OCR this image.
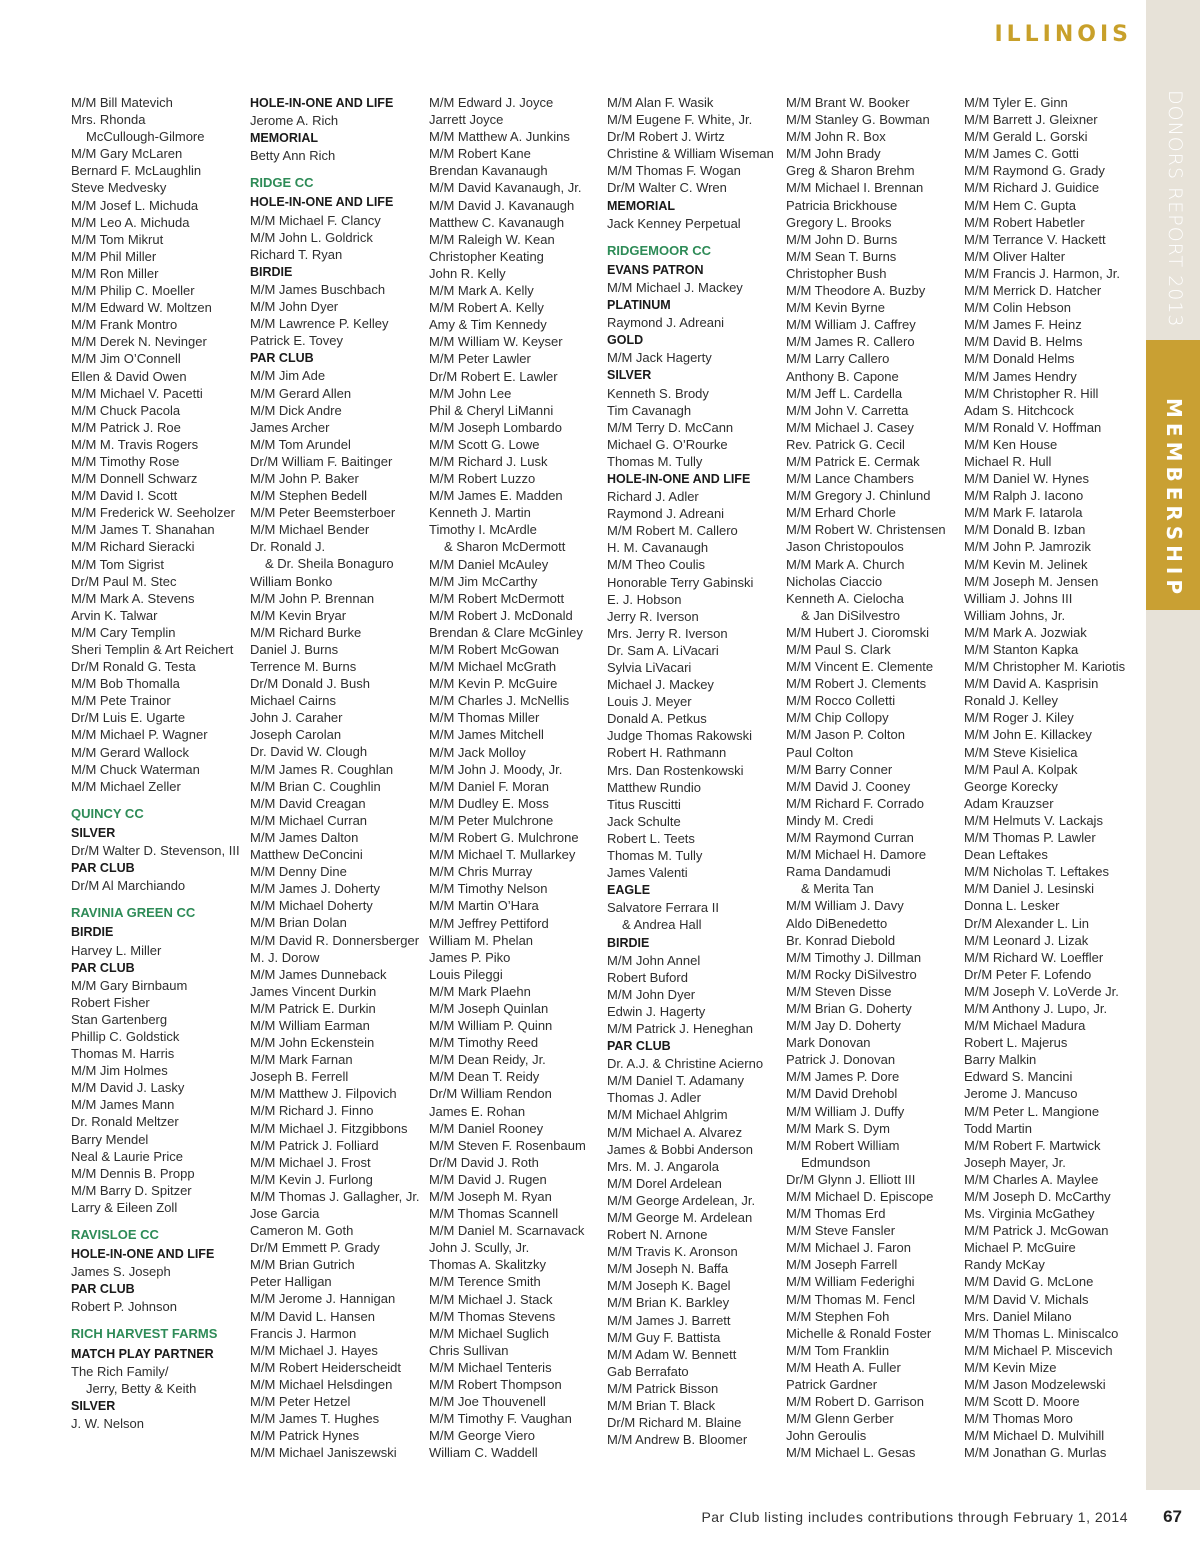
ILLINOIS
DONORS REPORT 2013
MEMBERSHIP
M/M Bill Matevich
Mrs. Rhonda
McCullough-Gilmore
M/M Gary McLaren
Bernard F. McLaughlin
Steve Medvesky
M/M Josef L. Michuda
M/M Leo A. Michuda
M/M Tom Mikrut
M/M Phil Miller
M/M Ron Miller
M/M Philip C. Moeller
M/M Edward W. Moltzen
M/M Frank Montro
M/M Derek N. Nevinger
M/M Jim O’Connell
Ellen & David Owen
M/M Michael V. Pacetti
M/M Chuck Pacola
M/M Patrick J. Roe
M/M M. Travis Rogers
M/M Timothy Rose
M/M Donnell Schwarz
M/M David I. Scott
M/M Frederick W. Seeholzer
M/M James T. Shanahan
M/M Richard Sieracki
M/M Tom Sigrist
Dr/M Paul M. Stec
M/M Mark A. Stevens
Arvin K. Talwar
M/M Cary Templin
Sheri Templin & Art Reichert
Dr/M Ronald G. Testa
M/M Bob Thomalla
M/M Pete Trainor
Dr/M Luis E. Ugarte
M/M Michael P. Wagner
M/M Gerard Wallock
M/M Chuck Waterman
M/M Michael Zeller
QUINCY CC
SILVER
Dr/M Walter D. Stevenson, III
PAR CLUB
Dr/M Al Marchiando
RAVINIA GREEN CC
BIRDIE
Harvey L. Miller
PAR CLUB
M/M Gary Birnbaum
Robert Fisher
Stan Gartenberg
Phillip C. Goldstick
Thomas M. Harris
M/M Jim Holmes
M/M David J. Lasky
M/M James Mann
Dr. Ronald Meltzer
Barry Mendel
Neal & Laurie Price
M/M Dennis B. Propp
M/M Barry D. Spitzer
Larry & Eileen Zoll
RAVISLOE CC
HOLE-IN-ONE AND LIFE
James S. Joseph
PAR CLUB
Robert P. Johnson
RICH HARVEST FARMS
MATCH PLAY PARTNER
The Rich Family/
Jerry, Betty & Keith
SILVER
J. W. Nelson
HOLE-IN-ONE AND LIFE
Jerome A. Rich
MEMORIAL
Betty Ann Rich
RIDGE CC
HOLE-IN-ONE AND LIFE
M/M Michael F. Clancy
M/M John L. Goldrick
Richard T. Ryan
BIRDIE
M/M James Buschbach
M/M John Dyer
M/M Lawrence P. Kelley
Patrick E. Tovey
PAR CLUB
M/M Jim Ade
M/M Gerard Allen
M/M Dick Andre
James Archer
M/M Tom Arundel
Dr/M William F. Baitinger
M/M John P. Baker
M/M Stephen Bedell
M/M Peter Beemsterboer
M/M Michael Bender
Dr. Ronald J.
& Dr. Sheila Bonaguro
William Bonko
M/M John P. Brennan
M/M Kevin Bryar
M/M Richard Burke
Daniel J. Burns
Terrence M. Burns
Dr/M Donald J. Bush
Michael Cairns
John J. Caraher
Joseph Carolan
Dr. David W. Clough
M/M James R. Coughlan
M/M Brian C. Coughlin
M/M David Creagan
M/M Michael Curran
M/M James Dalton
Matthew DeConcini
M/M Denny Dine
M/M James J. Doherty
M/M Michael Doherty
M/M Brian Dolan
M/M David R. Donnersberger
M. J. Dorow
M/M James Dunneback
James Vincent Durkin
M/M Patrick E. Durkin
M/M William Earman
M/M John Eckenstein
M/M Mark Farnan
Joseph B. Ferrell
M/M Matthew J. Filpovich
M/M Richard J. Finno
M/M Michael J. Fitzgibbons
M/M Patrick J. Folliard
M/M Michael J. Frost
M/M Kevin J. Furlong
M/M Thomas J. Gallagher, Jr.
Jose Garcia
Cameron M. Goth
Dr/M Emmett P. Grady
M/M Brian Gutrich
Peter Halligan
M/M Jerome J. Hannigan
M/M David L. Hansen
Francis J. Harmon
M/M Michael J. Hayes
M/M Robert Heiderscheidt
M/M Michael Helsdingen
M/M Peter Hetzel
M/M James T. Hughes
M/M Patrick Hynes
M/M Michael Janiszewski
M/M Edward J. Joyce
Jarrett Joyce
M/M Matthew A. Junkins
M/M Robert Kane
Brendan Kavanaugh
M/M David Kavanaugh, Jr.
M/M David J. Kavanaugh
Matthew C. Kavanaugh
M/M Raleigh W. Kean
Christopher Keating
John R. Kelly
M/M Mark A. Kelly
M/M Robert A. Kelly
Amy & Tim Kennedy
M/M William W. Keyser
M/M Peter Lawler
Dr/M Robert E. Lawler
M/M John Lee
Phil & Cheryl LiManni
M/M Joseph Lombardo
M/M Scott G. Lowe
M/M Richard J. Lusk
M/M Robert Luzzo
M/M James E. Madden
Kenneth J. Martin
Timothy I. McArdle
& Sharon McDermott
M/M Daniel McAuley
M/M Jim McCarthy
M/M Robert McDermott
M/M Robert J. McDonald
Brendan & Clare McGinley
M/M Robert McGowan
M/M Michael McGrath
M/M Kevin P. McGuire
M/M Charles J. McNellis
M/M Thomas Miller
M/M James Mitchell
M/M Jack Molloy
M/M John J. Moody, Jr.
M/M Daniel F. Moran
M/M Dudley E. Moss
M/M Peter Mulchrone
M/M Robert G. Mulchrone
M/M Michael T. Mullarkey
M/M Chris Murray
M/M Timothy Nelson
M/M Martin O’Hara
M/M Jeffrey Pettiford
William M. Phelan
James P. Piko
Louis Pileggi
M/M Mark Plaehn
M/M Joseph Quinlan
M/M William P. Quinn
M/M Timothy Reed
M/M Dean Reidy, Jr.
M/M Dean T. Reidy
Dr/M William Rendon
James E. Rohan
M/M Daniel Rooney
M/M Steven F. Rosenbaum
Dr/M David J. Roth
M/M David J. Rugen
M/M Joseph M. Ryan
M/M Thomas Scannell
M/M Daniel M. Scarnavack
John J. Scully, Jr.
Thomas A. Skalitzky
M/M Terence Smith
M/M Michael J. Stack
M/M Thomas Stevens
M/M Michael Suglich
Chris Sullivan
M/M Michael Tenteris
M/M Robert Thompson
M/M Joe Thouvenell
M/M Timothy F. Vaughan
M/M George Viero
William C. Waddell
M/M Alan F. Wasik
M/M Eugene F. White, Jr.
Dr/M Robert J. Wirtz
Christine & William Wiseman
M/M Thomas F. Wogan
Dr/M Walter C. Wren
MEMORIAL
Jack Kenney Perpetual
RIDGEMOOR CC
EVANS PATRON
M/M Michael J. Mackey
PLATINUM
Raymond J. Adreani
GOLD
M/M Jack Hagerty
SILVER
Kenneth S. Brody
Tim Cavanagh
M/M Terry D. McCann
Michael G. O’Rourke
Thomas M. Tully
HOLE-IN-ONE AND LIFE
Richard J. Adler
Raymond J. Adreani
M/M Robert M. Callero
H. M. Cavanaugh
M/M Theo Coulis
Honorable Terry Gabinski
E. J. Hobson
Jerry R. Iverson
Mrs. Jerry R. Iverson
Dr. Sam A. LiVacari
Sylvia LiVacari
Michael J. Mackey
Louis J. Meyer
Donald A. Petkus
Judge Thomas Rakowski
Robert H. Rathmann
Mrs. Dan Rostenkowski
Matthew Rundio
Titus Ruscitti
Jack Schulte
Robert L. Teets
Thomas M. Tully
James Valenti
EAGLE
Salvatore Ferrara II
& Andrea Hall
BIRDIE
M/M John Annel
Robert Buford
M/M John Dyer
Edwin J. Hagerty
M/M Patrick J. Heneghan
PAR CLUB
Dr. A.J. & Christine Acierno
M/M Daniel T. Adamany
Thomas J. Adler
M/M Michael Ahlgrim
M/M Michael A. Alvarez
James & Bobbi Anderson
Mrs. M. J. Angarola
M/M Dorel Ardelean
M/M George Ardelean, Jr.
M/M George M. Ardelean
Robert N. Arnone
M/M Travis K. Aronson
M/M Joseph N. Baffa
M/M Joseph K. Bagel
M/M Brian K. Barkley
M/M James J. Barrett
M/M Guy F. Battista
M/M Adam W. Bennett
Gab Berrafato
M/M Patrick Bisson
M/M Brian T. Black
Dr/M Richard M. Blaine
M/M Andrew B. Bloomer
M/M Brant W. Booker
M/M Stanley G. Bowman
M/M John R. Box
M/M John Brady
Greg & Sharon Brehm
M/M Michael I. Brennan
Patricia Brickhouse
Gregory L. Brooks
M/M John D. Burns
M/M Sean T. Burns
Christopher Bush
M/M Theodore A. Buzby
M/M Kevin Byrne
M/M William J. Caffrey
M/M James R. Callero
M/M Larry Callero
Anthony B. Capone
M/M Jeff L. Cardella
M/M John V. Carretta
M/M Michael J. Casey
Rev. Patrick G. Cecil
M/M Patrick E. Cermak
M/M Lance Chambers
M/M Gregory J. Chinlund
M/M Erhard Chorle
M/M Robert W. Christensen
Jason Christopoulos
M/M Mark A. Church
Nicholas Ciaccio
Kenneth A. Cielocha
& Jan DiSilvestro
M/M Hubert J. Cioromski
M/M Paul S. Clark
M/M Vincent E. Clemente
M/M Robert J. Clements
M/M Rocco Colletti
M/M Chip Collopy
M/M Jason P. Colton
Paul Colton
M/M Barry Conner
M/M David J. Cooney
M/M Richard F. Corrado
Mindy M. Credi
M/M Raymond Curran
M/M Michael H. Damore
Rama Dandamudi
& Merita Tan
M/M William J. Davy
Aldo DiBenedetto
Br. Konrad Diebold
M/M Timothy J. Dillman
M/M Rocky DiSilvestro
M/M Steven Disse
M/M Brian G. Doherty
M/M Jay D. Doherty
Mark Donovan
Patrick J. Donovan
M/M James P. Dore
M/M David Drehobl
M/M William J. Duffy
M/M Mark S. Dym
M/M Robert William
Edmundson
Dr/M Glynn J. Elliott III
M/M Michael D. Episcope
M/M Thomas Erd
M/M Steve Fansler
M/M Michael J. Faron
M/M Joseph Farrell
M/M William Federighi
M/M Thomas M. Fencl
M/M Stephen Foh
Michelle & Ronald Foster
M/M Tom Franklin
M/M Heath A. Fuller
Patrick Gardner
M/M Robert D. Garrison
M/M Glenn Gerber
John Geroulis
M/M Michael L. Gesas
M/M Tyler E. Ginn
M/M Barrett J. Gleixner
M/M Gerald L. Gorski
M/M James C. Gotti
M/M Raymond G. Grady
M/M Richard J. Guidice
M/M Hem C. Gupta
M/M Robert Habetler
M/M Terrance V. Hackett
M/M Oliver Halter
M/M Francis J. Harmon, Jr.
M/M Merrick D. Hatcher
M/M Colin Hebson
M/M James F. Heinz
M/M David B. Helms
M/M Donald Helms
M/M James Hendry
M/M Christopher R. Hill
Adam S. Hitchcock
M/M Ronald V. Hoffman
M/M Ken House
Michael R. Hull
M/M Daniel W. Hynes
M/M Ralph J. Iacono
M/M Mark F. Iatarola
M/M Donald B. Izban
M/M John P. Jamrozik
M/M Kevin M. Jelinek
M/M Joseph M. Jensen
William J. Johns III
William Johns, Jr.
M/M Mark A. Jozwiak
M/M Stanton Kapka
M/M Christopher M. Kariotis
M/M David A. Kasprisin
Ronald J. Kelley
M/M Roger J. Kiley
M/M John E. Killackey
M/M Steve Kisielica
M/M Paul A. Kolpak
George Korecky
Adam Krauzser
M/M Helmuts V. Lackajs
M/M Thomas P. Lawler
Dean Leftakes
M/M Nicholas T. Leftakes
M/M Daniel J. Lesinski
Donna L. Lesker
Dr/M Alexander L. Lin
M/M Leonard J. Lizak
M/M Richard W. Loeffler
Dr/M Peter F. Lofendo
M/M Joseph V. LoVerde Jr.
M/M Anthony J. Lupo, Jr.
M/M Michael Madura
Robert L. Majerus
Barry Malkin
Edward S. Mancini
Jerome J. Mancuso
M/M Peter L. Mangione
Todd Martin
M/M Robert F. Martwick
Joseph Mayer, Jr.
M/M Charles A. Maylee
M/M Joseph D. McCarthy
Ms. Virginia McGathey
M/M Patrick J. McGowan
Michael P. McGuire
Randy McKay
M/M David G. McLone
M/M David V. Michals
Mrs. Daniel Milano
M/M Thomas L. Miniscalco
M/M Michael P. Miscevich
M/M Kevin Mize
M/M Jason Modzelewski
M/M Scott D. Moore
M/M Thomas Moro
M/M Michael D. Mulvihill
M/M Jonathan G. Murlas
Par Club listing includes contributions through February 1, 2014 67
